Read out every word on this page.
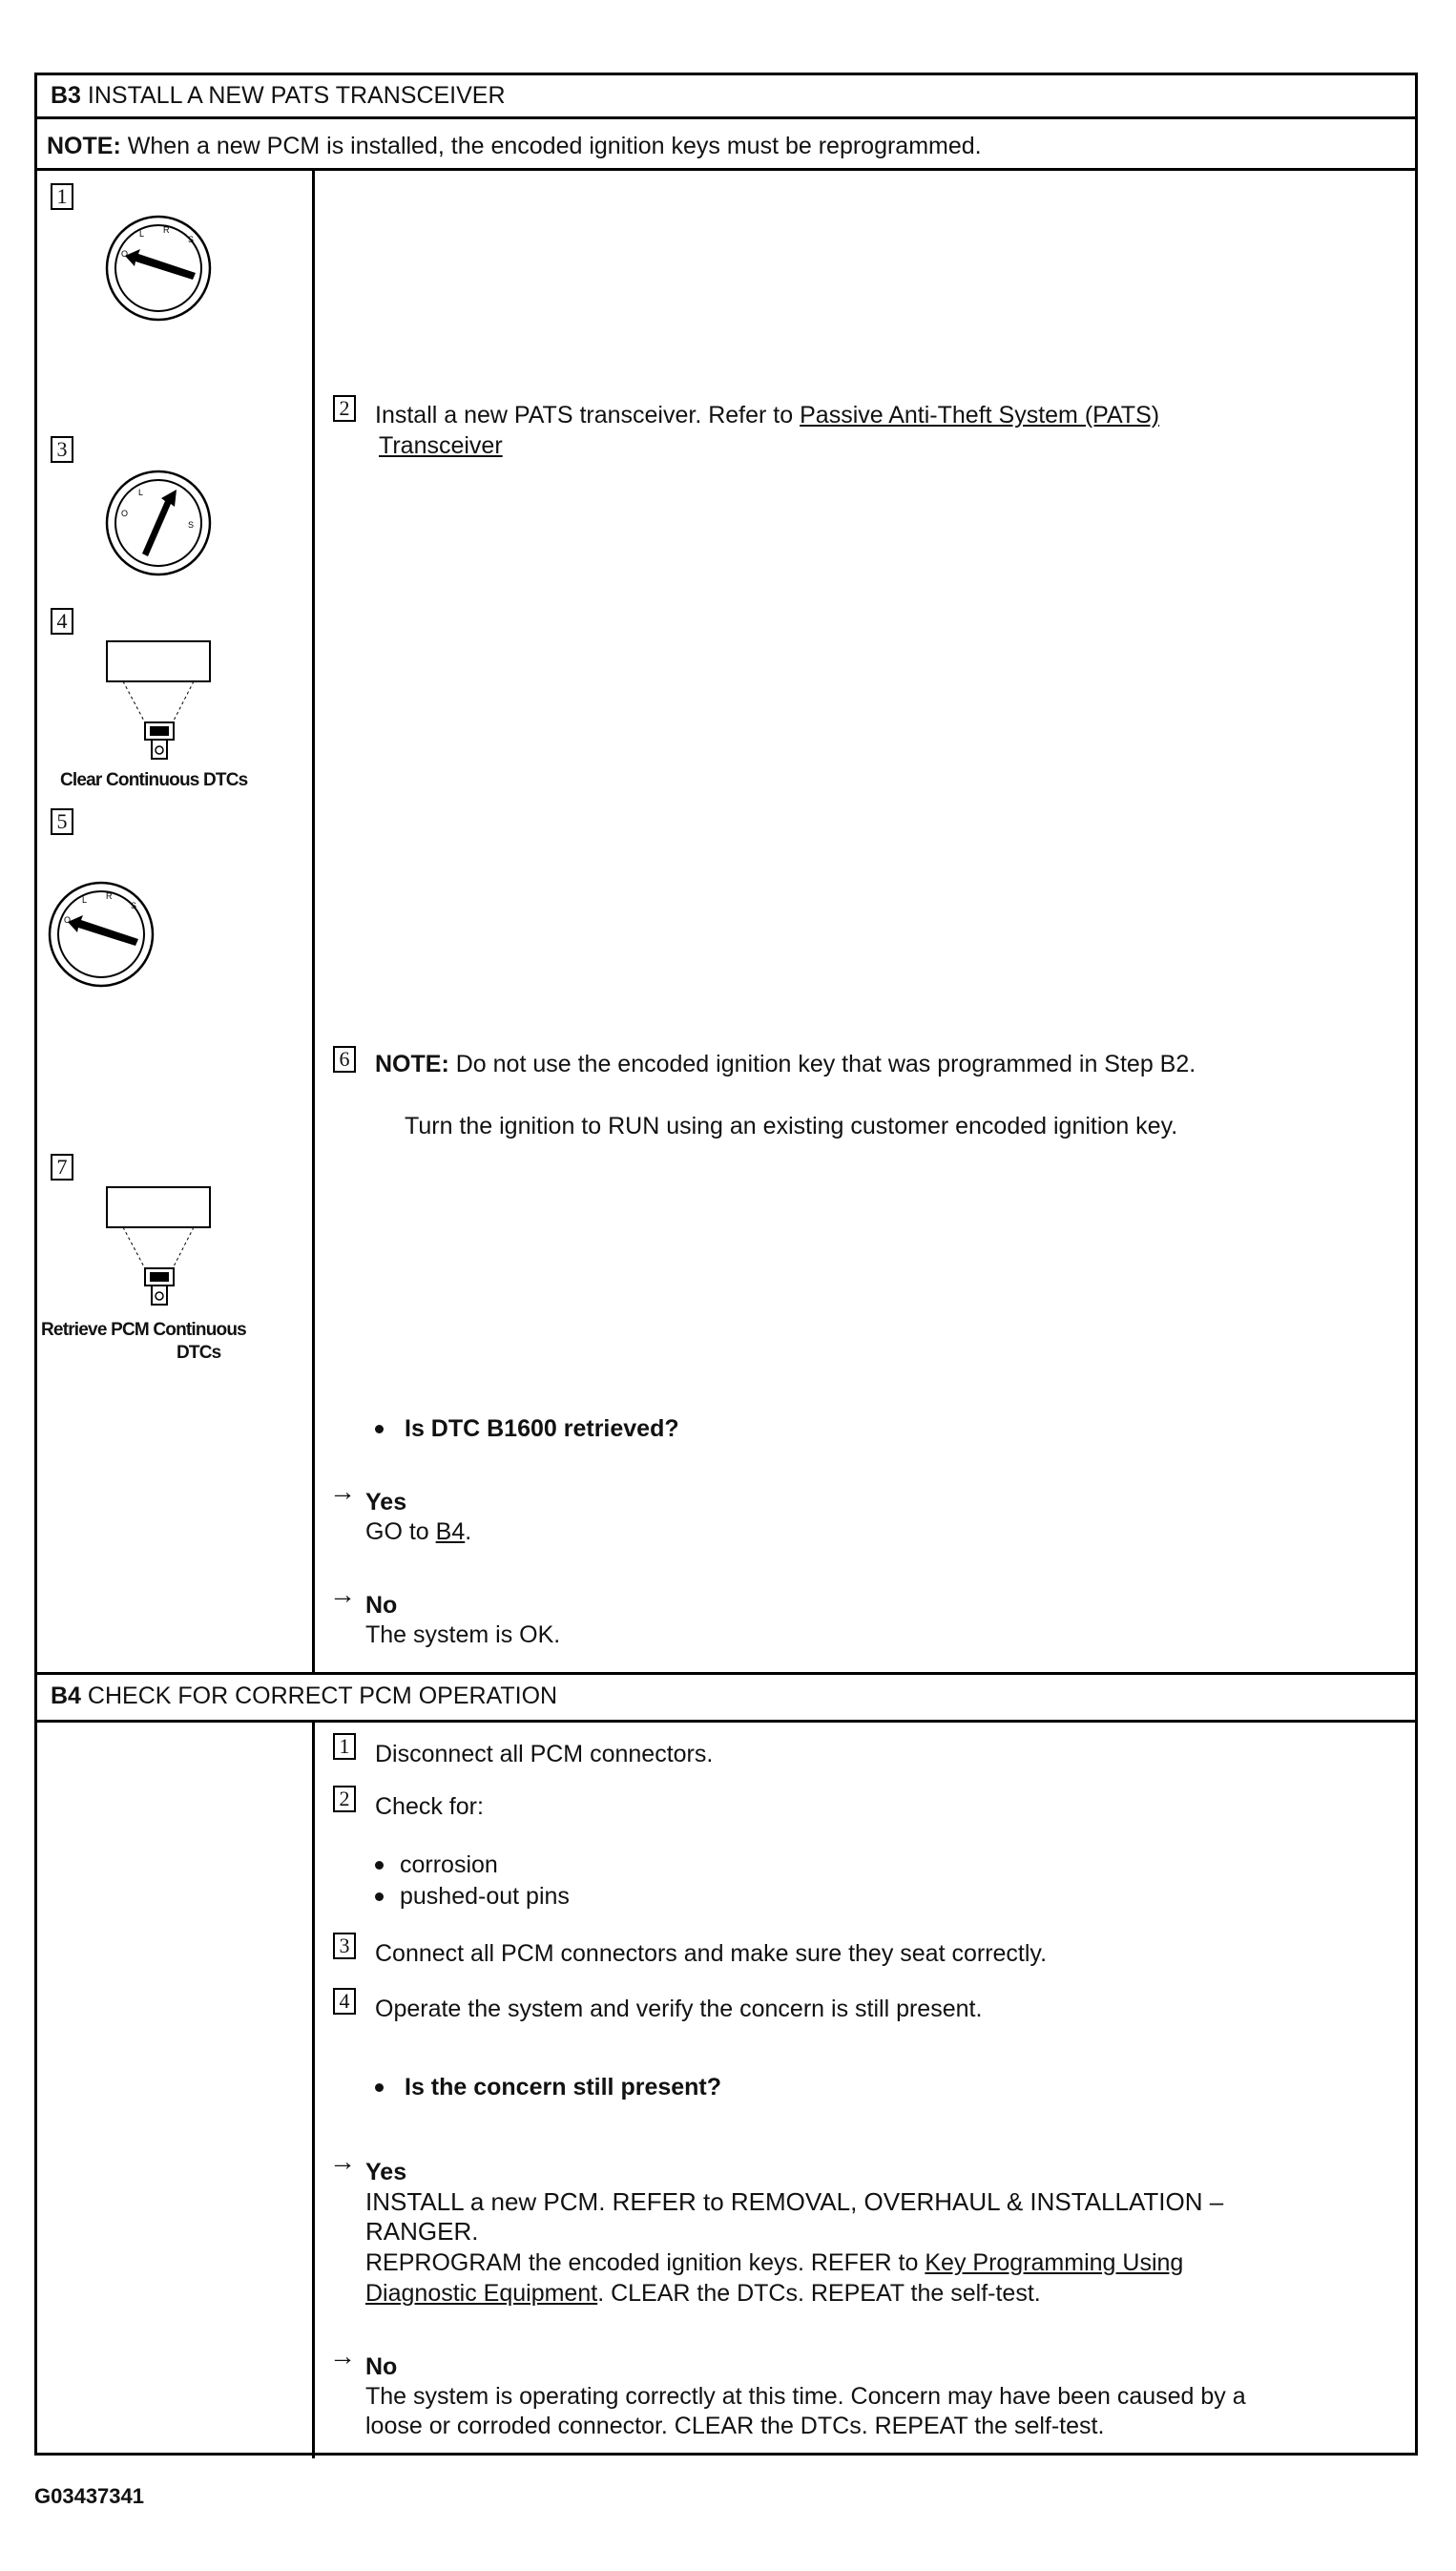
B3 INSTALL A NEW PATS TRANSCEIVER
NOTE: When a new PCM is installed, the encoded ignition keys must be reprogrammed.
1
O
L R
S
3
O
L
S
4
Clear Continuous DTCs
5
O
L R
S
7
Retrieve PCM Continuous
DTCs
2 Install a new PATS transceiver. Refer to Passive Anti-Theft System (PATS)
Transceiver
6 NOTE: Do not use the encoded ignition key that was programmed in Step B2.
Turn the ignition to RUN using an existing customer encoded ignition key.
Is DTC B1600 retrieved?
→ Yes
GO to B4.
→ No
The system is OK.
B4 CHECK FOR CORRECT PCM OPERATION
1 Disconnect all PCM connectors.
2 Check for:
corrosion
pushed-out pins
3 Connect all PCM connectors and make sure they seat correctly.
4 Operate the system and verify the concern is still present.
Is the concern still present?
→ Yes
INSTALL a new PCM. REFER to REMOVAL, OVERHAUL & INSTALLATION –
RANGER.
REPROGRAM the encoded ignition keys. REFER to Key Programming Using
Diagnostic Equipment. CLEAR the DTCs. REPEAT the self-test.
→ No
The system is operating correctly at this time. Concern may have been caused by a
loose or corroded connector. CLEAR the DTCs. REPEAT the self-test.
G03437341
